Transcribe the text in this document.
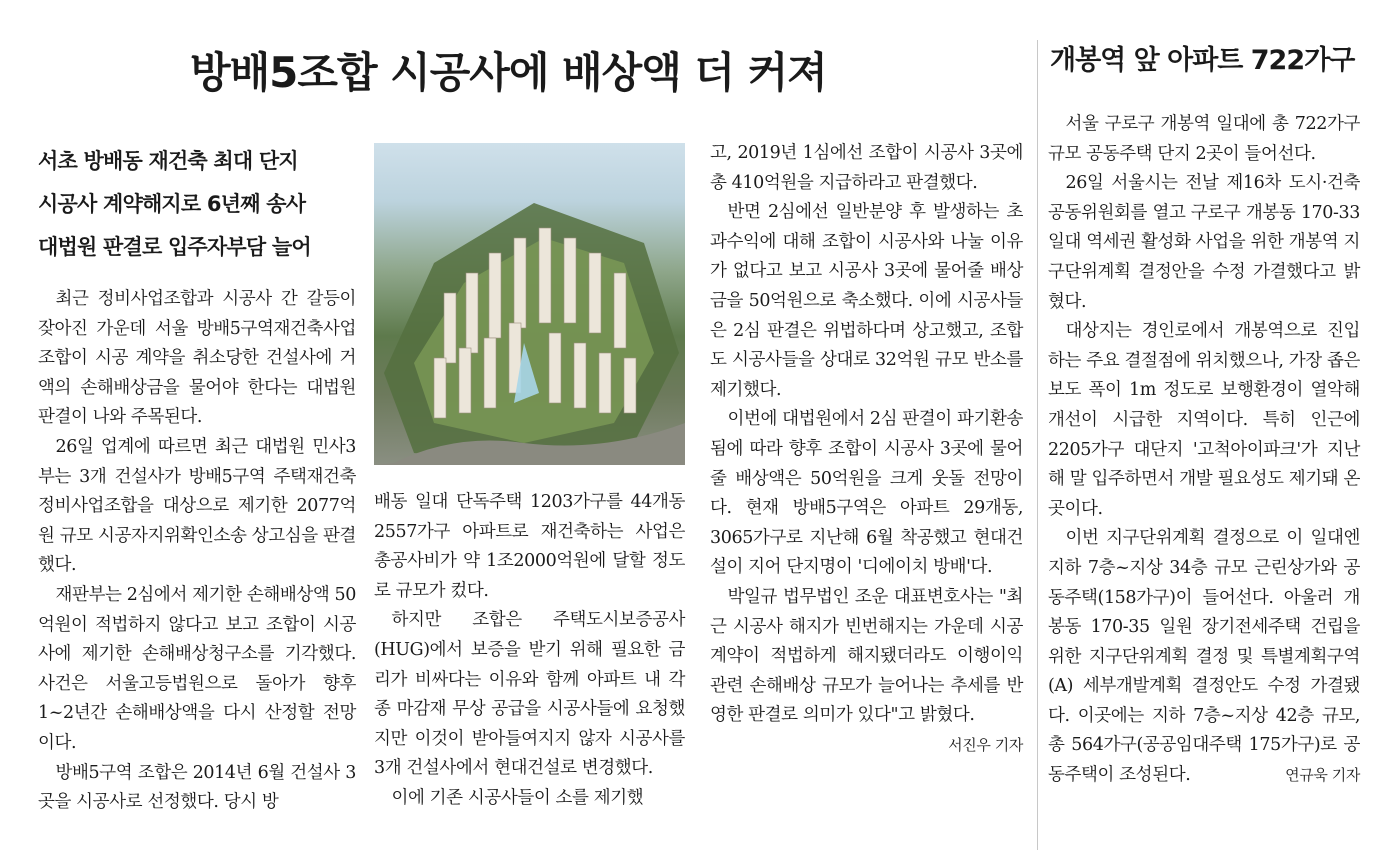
방배5조합 시공사에 배상액 더 커져	개봉역 앞 아파트 722가구
서초 방배동 재건축 최대 단지
시공사 계약해지로 6년째 송사
대법원 판결로 입주자부담 늘어

최근 정비사업조합과 시공사 간 갈등이 잦아진 가운데 서울 방배5구역재건축사업조합이 시공 계약을 취소당한 건설사에 거액의 손해배상금을 물어야 한다는 대법원 판결이 나와 주목된다.

26일 업계에 따르면 최근 대법원 민사3부는 3개 건설사가 방배5구역 주택재건축정비사업조합을 대상으로 제기한 2077억원 규모 시공자지위확인소송 상고심을 판결했다.

재판부는 2심에서 제기한 손해배상액 50억원이 적법하지 않다고 보고 조합이 시공사에 제기한 손해배상청구소를 기각했다. 사건은 서울고등법원으로 돌아가 향후 1~2년간 손해배상액을 다시 산정할 전망이다.

방배5구역 조합은 2014년 6월 건설사 3곳을 시공사로 선정했다. 당시 방

배동 일대 단독주택 1203가구를 44개동 2557가구 아파트로 재건축하는 사업은 총공사비가 약 1조2000억원에 달할 정도로 규모가 컸다.

하지만 조합은 주택도시보증공사(HUG)에서 보증을 받기 위해 필요한 금리가 비싸다는 이유와 함께 아파트 내 각종 마감재 무상 공급을 시공사들에 요청했지만 이것이 받아들여지지 않자 시공사를 3개 건설사에서 현대건설로 변경했다.

이에 기존 시공사들이 소를 제기했

고, 2019년 1심에선 조합이 시공사 3곳에 총 410억원을 지급하라고 판결했다.

반면 2심에선 일반분양 후 발생하는 초과수익에 대해 조합이 시공사와 나눌 이유가 없다고 보고 시공사 3곳에 물어줄 배상금을 50억원으로 축소했다. 이에 시공사들은 2심 판결은 위법하다며 상고했고, 조합도 시공사들을 상대로 32억원 규모 반소를 제기했다.

이번에 대법원에서 2심 판결이 파기환송됨에 따라 향후 조합이 시공사 3곳에 물어줄 배상액은 50억원을 크게 웃돌 전망이다. 현재 방배5구역은 아파트 29개동, 3065가구로 지난해 6월 착공했고 현대건설이 지어 단지명이 '디에이치 방배'다.

박일규 법무법인 조운 대표변호사는 "최근 시공사 해지가 빈번해지는 가운데 시공 계약이 적법하게 해지됐더라도 이행이익 관련 손해배상 규모가 늘어나는 추세를 반영한 판결로 의미가 있다"고 밝혔다.
서진우 기자

서울 구로구 개봉역 일대에 총 722가구 규모 공동주택 단지 2곳이 들어선다.

26일 서울시는 전날 제16차 도시·건축공동위원회를 열고 구로구 개봉동 170-33 일대 역세권 활성화 사업을 위한 개봉역 지구단위계획 결정안을 수정 가결했다고 밝혔다.

대상지는 경인로에서 개봉역으로 진입하는 주요 결절점에 위치했으나, 가장 좁은 보도 폭이 1m 정도로 보행환경이 열악해 개선이 시급한 지역이다. 특히 인근에 2205가구 대단지 '고척아이파크'가 지난해 말 입주하면서 개발 필요성도 제기돼 온 곳이다.

이번 지구단위계획 결정으로 이 일대엔 지하 7층~지상 34층 규모 근린상가와 공동주택(158가구)이 들어선다. 아울러 개봉동 170-35 일원 장기전세주택 건립을 위한 지구단위계획 결정 및 특별계획구역(A) 세부개발계획 결정안도 수정 가결됐다. 이곳에는 지하 7층~지상 42층 규모, 총 564가구(공공임대주택 175가구)로 공동주택이 조성된다.	연규욱 기자
